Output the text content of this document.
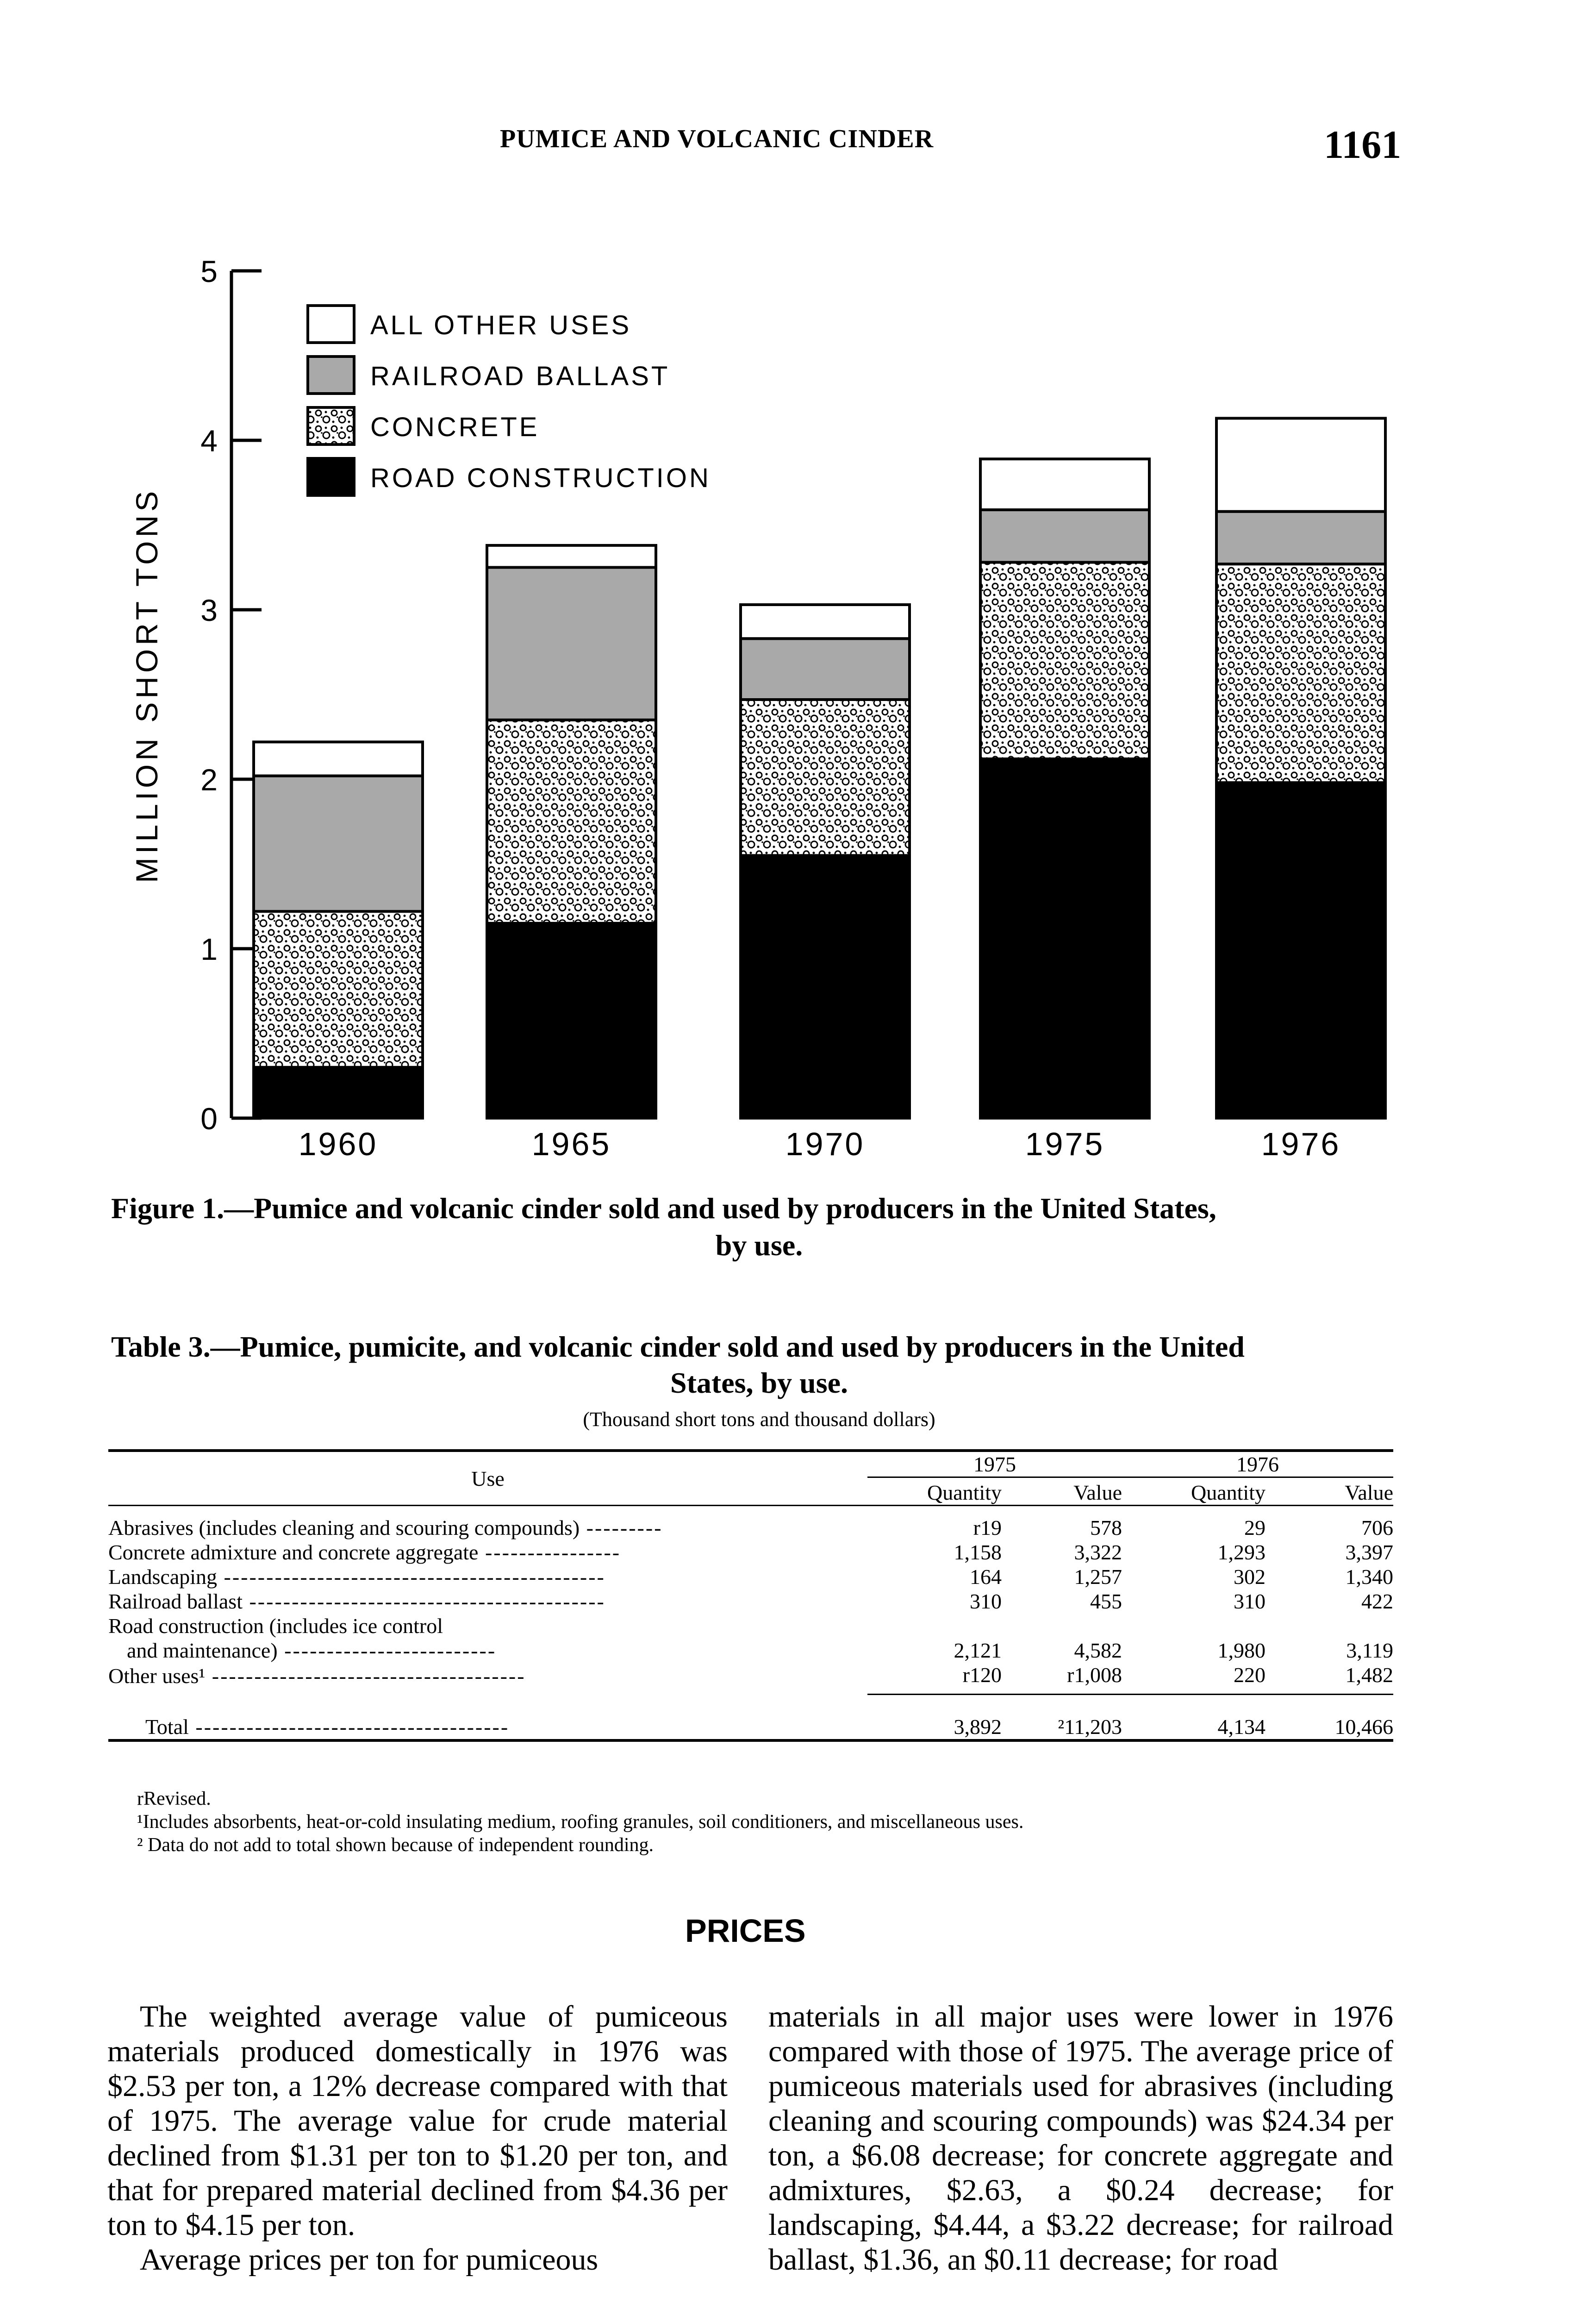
PUMICE AND VOLCANIC CINDER	1161
0
1
2
3
4
5
1960	1965	1970	1975	1976
ALL OTHER USES
RAILROAD BALLAST
CONCRETE
ROAD CONSTRUCTION
MILLION SHORT TONS
Figure 1.—Pumice and volcanic cinder sold and used by producers in the United States,
by use.
Table 3.—Pumice, pumicite, and volcanic cinder sold and used by producers in the United
States, by use.
(Thousand short tons and thousand dollars)
Use	1975		1976	
	Quantity	Value	Quantity	Value
Abrasives (includes cleaning and scouring compounds) ---------	r19	578	29	706
Concrete admixture and concrete aggregate ----------------	1,158	3,322	1,293	3,397
Landscaping ---------------------------------------------	164	1,257	302	1,340
Railroad ballast ------------------------------------------	310	455	310	422
Road construction (includes ice control				
and maintenance) -------------------------	2,121	4,582	1,980	3,119
Other uses¹ -------------------------------------	r120	r1,008	220	1,482
Total -------------------------------------	3,892	²11,203	4,134	10,466
rRevised.
¹Includes absorbents, heat-or-cold insulating medium, roofing granules, soil conditioners, and miscellaneous uses.
² Data do not add to total shown because of independent rounding.
PRICES

The weighted average value of pumiceous materials produced domestically in 1976 was $2.53 per ton, a 12% decrease compared with that of 1975. The average value for crude material declined from $1.31 per ton to $1.20 per ton, and that for prepared material declined from $4.36 per ton to $4.15 per ton.

Average prices per ton for pumiceous

materials in all major uses were lower in 1976 compared with those of 1975. The average price of pumiceous materials used for abrasives (including cleaning and scouring compounds) was $24.34 per ton, a $6.08 decrease; for concrete aggregate and admixtures, $2.63, a $0.24 decrease; for landscaping, $4.44, a $3.22 decrease; for railroad ballast, $1.36, an $0.11 decrease; for road
